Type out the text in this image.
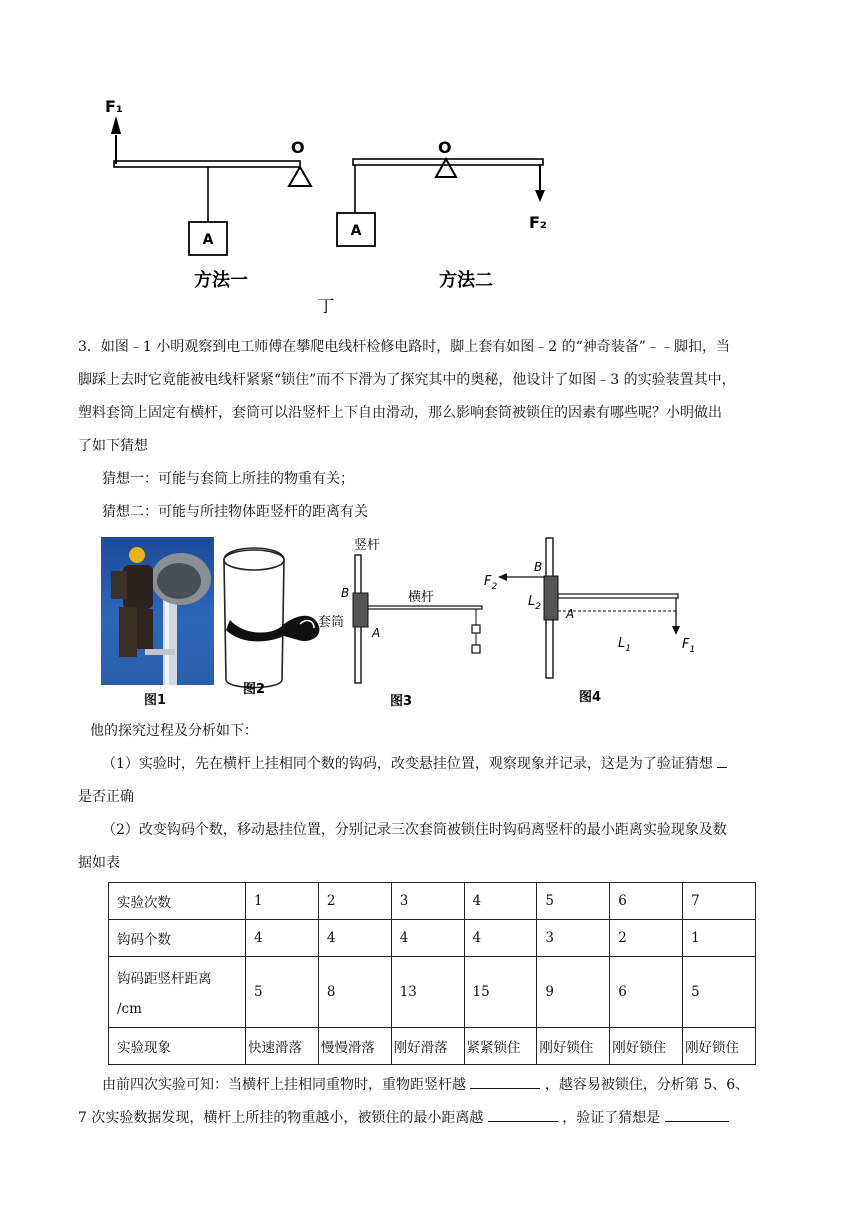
F₁
O
A
方法一
O
A	F₂
方法二
丁
3．如图﹣1 小明观察到电工师傅在攀爬电线杆检修电路时，脚上套有如图﹣2 的“神奇装备”﹣﹣脚扣，当
脚踩上去时它竟能被电线杆紧紧“锁住”而不下滑为了探究其中的奥秘，他设计了如图﹣3 的实验装置其中，
塑料套筒上固定有横杆，套筒可以沿竖杆上下自由滑动，那么影响套筒被锁住的因素有哪些呢？小明做出
了如下猜想
猜想一：可能与套筒上所挂的物重有关；
猜想二：可能与所挂物体距竖杆的距离有关
图1
图2
竖杆
B
A
横杆
图3
套筒
$F_2$
B
$L_2$ A
$L_1$	$F_1$
图4
他的探究过程及分析如下：
（1）实验时，先在横杆上挂相同个数的钩码，改变悬挂位置，观察现象并记录，这是为了验证猜想
是否正确
（2）改变钩码个数，移动悬挂位置，分别记录三次套筒被锁住时钩码离竖杆的最小距离实验现象及数
据如表
实验次数	1	2	3	4	5	6	7
钩码个数	4	4	4	4	3	2	1

钩码距竖杆距离
/cm	5	8	13	15	9	6	5
实验现象	快速滑落	慢慢滑落	刚好滑落	紧紧锁住	刚好锁住	刚好锁住	刚好锁住
由前四次实验可知：当横杆上挂相同重物时，重物距竖杆越	，越容易被锁住，分析第 5、6、
7 次实验数据发现，横杆上所挂的物重越小，被锁住的最小距离越	，验证了猜想是
